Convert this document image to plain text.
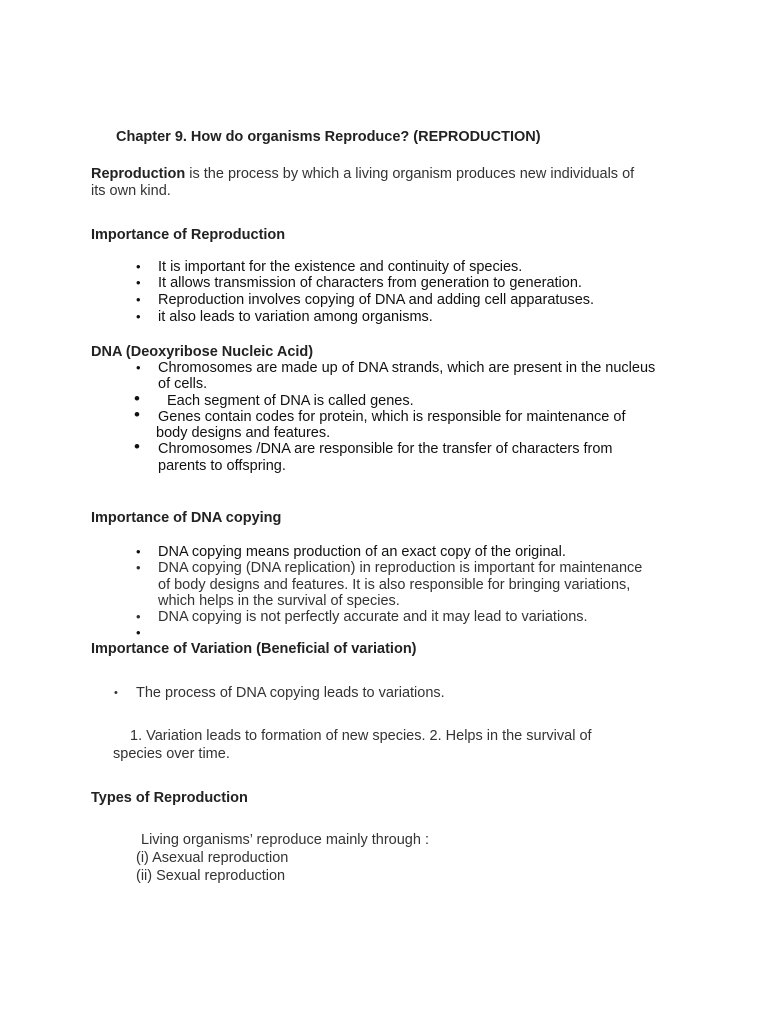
Chapter 9. How do organisms Reproduce? (REPRODUCTION)
Reproduction is the process by which a living organism produces new individuals of
its own kind.
Importance of Reproduction
• It is important for the existence and continuity of species.
• It allows transmission of characters from generation to generation.
• Reproduction involves copying of DNA and adding cell apparatuses.
• it also leads to variation among organisms.
DNA (Deoxyribose Nucleic Acid)
• Chromosomes are made up of DNA strands, which are present in the nucleus
of cells.
• Each segment of DNA is called genes.
• Genes contain codes for protein, which is responsible for maintenance of
body designs and features.
• Chromosomes /DNA are responsible for the transfer of characters from
parents to offspring.
Importance of DNA copying
• DNA copying means production of an exact copy of the original.
• DNA copying (DNA replication) in reproduction is important for maintenance
of body designs and features. It is also responsible for bringing variations,
which helps in the survival of species.
• DNA copying is not perfectly accurate and it may lead to variations.
•

Importance of Variation (Beneficial of variation)
• The process of DNA copying leads to variations.
1. Variation leads to formation of new species. 2. Helps in the survival of
species over time.
Types of Reproduction
Living organisms’ reproduce mainly through :
(i) Asexual reproduction
(ii) Sexual reproduction
